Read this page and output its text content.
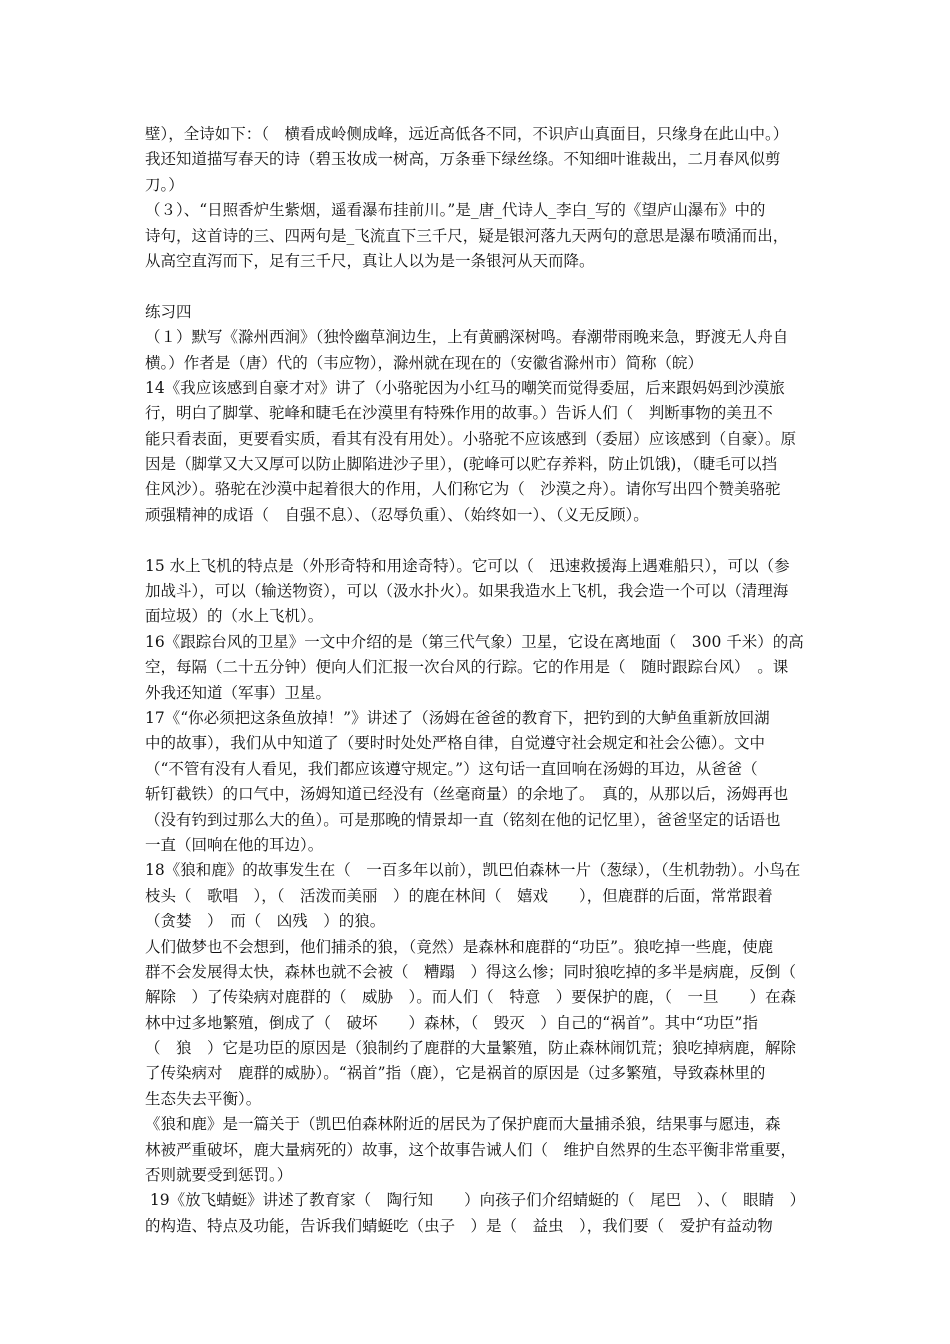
壁），全诗如下：（　横看成岭侧成峰，远近高低各不同，不识庐山真面目，只缘身在此山中。）
我还知道描写春天的诗（碧玉妆成一树高，万条垂下绿丝绦。不知细叶谁裁出，二月春风似剪
刀。）
（３）、“日照香炉生紫烟，遥看瀑布挂前川。”是_唐_代诗人_李白_写的《望庐山瀑布》中的
诗句，这首诗的三、四两句是_飞流直下三千尺，疑是银河落九天两句的意思是瀑布喷涌而出，
从高空直泻而下，足有三千尺，真让人以为是一条银河从天而降。
练习四
（１）默写《滁州西涧》（独怜幽草涧边生，上有黄鹂深树鸣。春潮带雨晚来急，野渡无人舟自
横。）作者是（唐）代的（韦应物），滁州就在现在的（安徽省滁州市）简称（皖）
14《我应该感到自豪才对》讲了（小骆驼因为小红马的嘲笑而觉得委屈，后来跟妈妈到沙漠旅
行，明白了脚掌、驼峰和睫毛在沙漠里有特殊作用的故事。）告诉人们（　判断事物的美丑不
能只看表面，更要看实质，看其有没有用处）。小骆驼不应该感到（委屈）应该感到（自豪）。原
因是（脚掌又大又厚可以防止脚陷进沙子里），(驼峰可以贮存养料，防止饥饿)，（睫毛可以挡
住风沙）。骆驼在沙漠中起着很大的作用，人们称它为（　沙漠之舟）。请你写出四个赞美骆驼
顽强精神的成语（　自强不息）、（忍辱负重）、（始终如一）、（义无反顾）。
15 水上飞机的特点是（外形奇特和用途奇特）。它可以（　迅速救援海上遇难船只），可以（参
加战斗），可以（输送物资），可以（汲水扑火）。如果我造水上飞机，我会造一个可以（清理海
面垃圾）的（水上飞机）。
16《跟踪台风的卫星》一文中介绍的是（第三代气象）卫星，它设在离地面（　300 千米）的高
空，每隔（二十五分钟）便向人们汇报一次台风的行踪。它的作用是（　随时跟踪台风）　。课
外我还知道（军事）卫星。
17《“你必须把这条鱼放掉！”》讲述了（汤姆在爸爸的教育下，把钓到的大鲈鱼重新放回湖
中的故事），我们从中知道了（要时时处处严格自律，自觉遵守社会规定和社会公德）。文中
（“不管有没有人看见，我们都应该遵守规定。”）这句话一直回响在汤姆的耳边，从爸爸（
斩钉截铁）的口气中，汤姆知道已经没有（丝毫商量）的余地了。　真的，从那以后，汤姆再也
（没有钓到过那么大的鱼）。可是那晚的情景却一直（铭刻在他的记忆里），爸爸坚定的话语也
一直（回响在他的耳边）。
18《狼和鹿》的故事发生在（　一百多年以前），凯巴伯森林一片（葱绿），（生机勃勃）。小鸟在
枝头（　歌唱　），（　活泼而美丽　）的鹿在林间（　嬉戏　　），但鹿群的后面，常常跟着
（贪婪　）　而（　凶残　）的狼。
人们做梦也不会想到，他们捕杀的狼，（竟然）是森林和鹿群的“功臣”。狼吃掉一些鹿，使鹿
群不会发展得太快，森林也就不会被（　糟蹋　）得这么惨；同时狼吃掉的多半是病鹿，反倒（
解除　）了传染病对鹿群的（　威胁　）。而人们（　特意　）要保护的鹿，（　一旦　　）在森
林中过多地繁殖，倒成了（　破坏　　）森林，（　毁灭　）自己的“祸首”。其中“功臣”指
（　狼　）它是功臣的原因是（狼制约了鹿群的大量繁殖，防止森林闹饥荒；狼吃掉病鹿，解除
了传染病对　鹿群的威胁）。“祸首”指（鹿），它是祸首的原因是（过多繁殖，导致森林里的
生态失去平衡）。
《狼和鹿》是一篇关于（凯巴伯森林附近的居民为了保护鹿而大量捕杀狼，结果事与愿违，森
林被严重破坏，鹿大量病死的）故事，这个故事告诫人们（　维护自然界的生态平衡非常重要，
否则就要受到惩罚。）
19《放飞蜻蜓》讲述了教育家（　陶行知　　）向孩子们介绍蜻蜓的（　尾巴　）、（　眼睛　）
的构造、特点及功能，告诉我们蜻蜓吃（虫子　）是（　益虫　），我们要（　爱护有益动物
